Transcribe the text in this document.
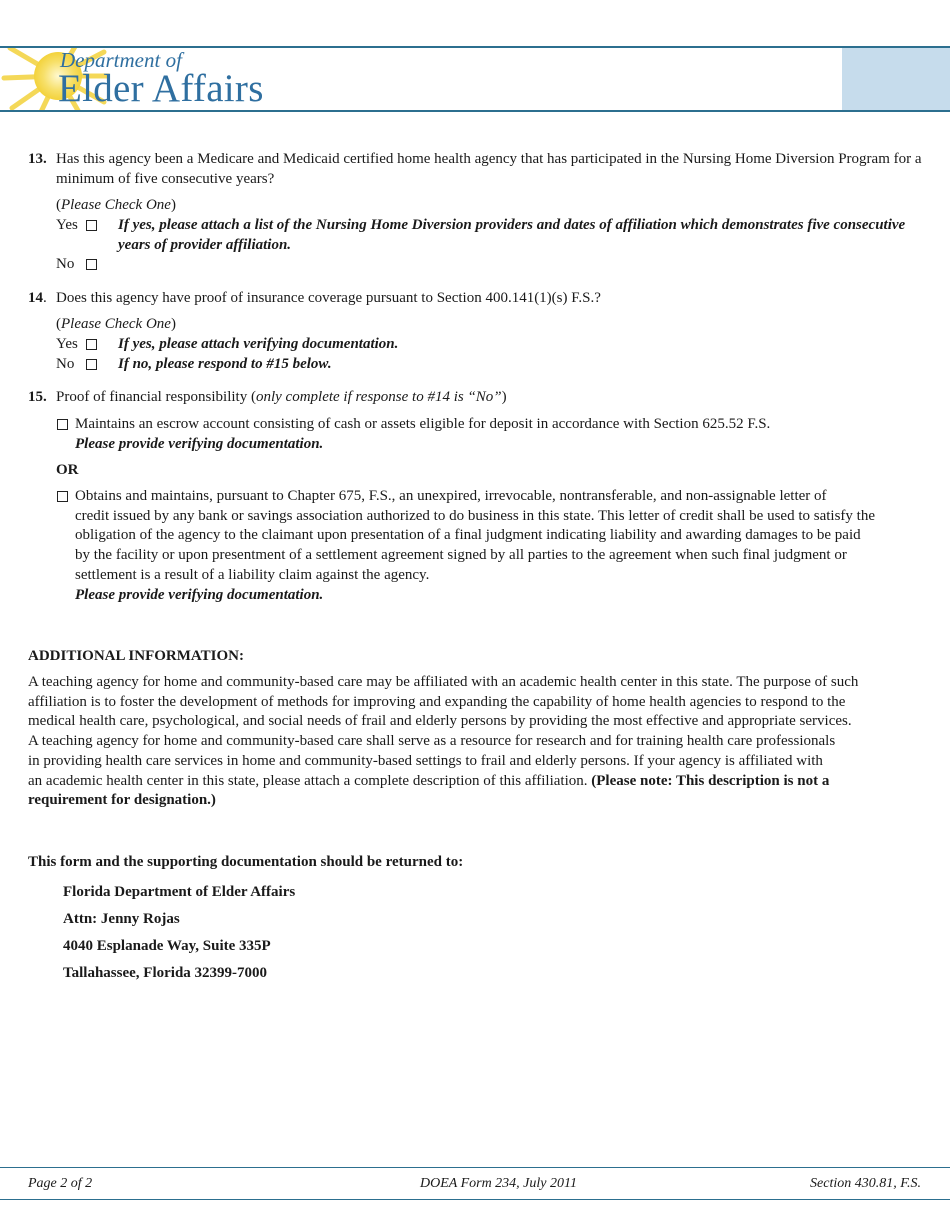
Department of
Elder Affairs
13. Has this agency been a Medicare and Medicaid certified home health agency that has participated in the Nursing Home Diversion Program for a minimum of five consecutive years?
(Please Check One)
Yes	If yes, please attach a list of the Nursing Home Diversion providers and dates of affiliation which demonstrates five consecutive
years of provider affiliation.
No
14. Does this agency have proof of insurance coverage pursuant to Section 400.141(1)(s) F.S.?
(Please Check One)
Yes	If yes, please attach verifying documentation.
No	If no, please respond to #15 below.
15. Proof of financial responsibility (only complete if response to #14 is “No”)
Maintains an escrow account consisting of cash or assets eligible for deposit in accordance with Section 625.52 F.S.
Please provide verifying documentation.
OR
Obtains and maintains, pursuant to Chapter 675, F.S., an unexpired, irrevocable, nontransferable, and non-assignable letter of
credit issued by any bank or savings association authorized to do business in this state. This letter of credit shall be used to satisfy the
obligation of the agency to the claimant upon presentation of a final judgment indicating liability and awarding damages to be paid
by the facility or upon presentment of a settlement agreement signed by all parties to the agreement when such final judgment or
settlement is a result of a liability claim against the agency.
Please provide verifying documentation.
ADDITIONAL INFORMATION:
A teaching agency for home and community-based care may be affiliated with an academic health center in this state. The purpose of such
affiliation is to foster the development of methods for improving and expanding the capability of home health agencies to respond to the
medical health care, psychological, and social needs of frail and elderly persons by providing the most effective and appropriate services.
A teaching agency for home and community-based care shall serve as a resource for research and for training health care professionals
in providing health care services in home and community-based settings to frail and elderly persons. If your agency is affiliated with
an academic health center in this state, please attach a complete description of this affiliation. (Please note: This description is not a
requirement for designation.)
This form and the supporting documentation should be returned to:
Florida Department of Elder Affairs
Attn: Jenny Rojas
4040 Esplanade Way, Suite 335P
Tallahassee, Florida 32399-7000
Page 2 of 2	DOEA Form 234, July 2011	Section 430.81, F.S.
